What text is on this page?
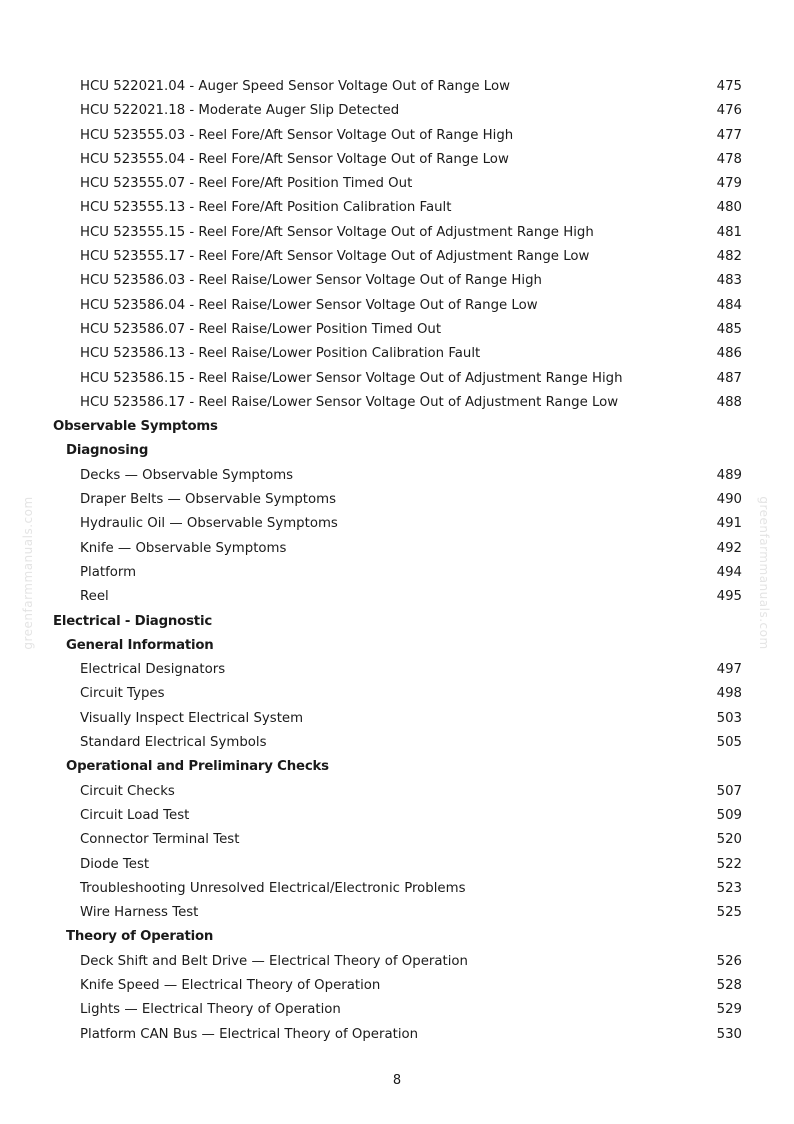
greenfarmmanuals.com	greenfarmmanuals.com
HCU 522021.04 - Auger Speed Sensor Voltage Out of Range Low	475
HCU 522021.18 - Moderate Auger Slip Detected	476
HCU 523555.03 - Reel Fore/Aft Sensor Voltage Out of Range High	477
HCU 523555.04 - Reel Fore/Aft Sensor Voltage Out of Range Low	478
HCU 523555.07 - Reel Fore/Aft Position Timed Out	479
HCU 523555.13 - Reel Fore/Aft Position Calibration Fault	480
HCU 523555.15 - Reel Fore/Aft Sensor Voltage Out of Adjustment Range High	481
HCU 523555.17 - Reel Fore/Aft Sensor Voltage Out of Adjustment Range Low	482
HCU 523586.03 - Reel Raise/Lower Sensor Voltage Out of Range High	483
HCU 523586.04 - Reel Raise/Lower Sensor Voltage Out of Range Low	484
HCU 523586.07 - Reel Raise/Lower Position Timed Out	485
HCU 523586.13 - Reel Raise/Lower Position Calibration Fault	486
HCU 523586.15 - Reel Raise/Lower Sensor Voltage Out of Adjustment Range High	487
HCU 523586.17 - Reel Raise/Lower Sensor Voltage Out of Adjustment Range Low	488
Observable Symptoms
Diagnosing
Decks — Observable Symptoms	489
Draper Belts — Observable Symptoms	490
Hydraulic Oil — Observable Symptoms	491
Knife — Observable Symptoms	492
Platform	494
Reel	495
Electrical - Diagnostic
General Information
Electrical Designators	497
Circuit Types	498
Visually Inspect Electrical System	503
Standard Electrical Symbols	505
Operational and Preliminary Checks
Circuit Checks	507
Circuit Load Test	509
Connector Terminal Test	520
Diode Test	522
Troubleshooting Unresolved Electrical/Electronic Problems	523
Wire Harness Test	525
Theory of Operation
Deck Shift and Belt Drive — Electrical Theory of Operation	526
Knife Speed — Electrical Theory of Operation	528
Lights — Electrical Theory of Operation	529
Platform CAN Bus — Electrical Theory of Operation	530
8
